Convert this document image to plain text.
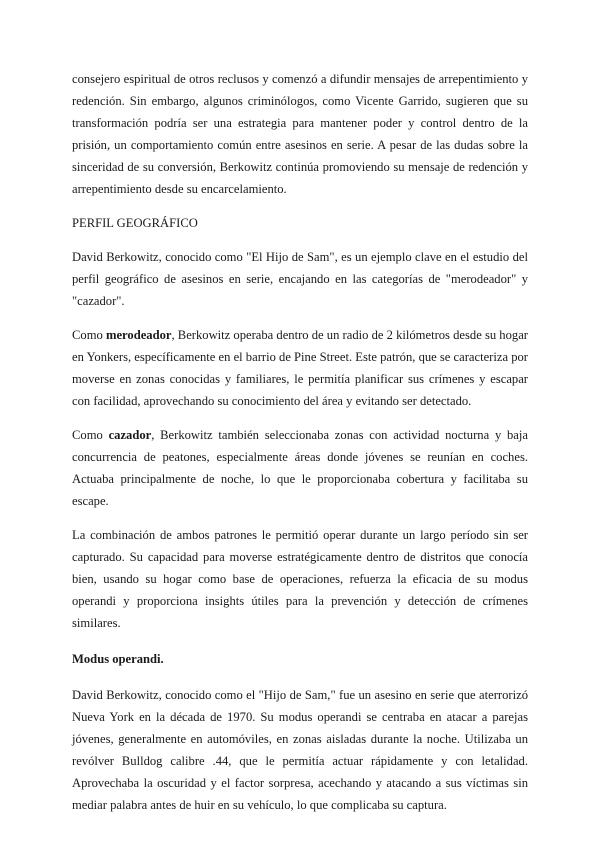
consejero espiritual de otros reclusos y comenzó a difundir mensajes de arrepentimiento y redención. Sin embargo, algunos criminólogos, como Vicente Garrido, sugieren que su transformación podría ser una estrategia para mantener poder y control dentro de la prisión, un comportamiento común entre asesinos en serie. A pesar de las dudas sobre la sinceridad de su conversión, Berkowitz continúa promoviendo su mensaje de redención y arrepentimiento desde su encarcelamiento.

PERFIL GEOGRÁFICO

David Berkowitz, conocido como "El Hijo de Sam", es un ejemplo clave en el estudio del perfil geográfico de asesinos en serie, encajando en las categorías de "merodeador" y "cazador".

Como merodeador, Berkowitz operaba dentro de un radio de 2 kilómetros desde su hogar en Yonkers, específicamente en el barrio de Pine Street. Este patrón, que se caracteriza por moverse en zonas conocidas y familiares, le permitía planificar sus crímenes y escapar con facilidad, aprovechando su conocimiento del área y evitando ser detectado.

Como cazador, Berkowitz también seleccionaba zonas con actividad nocturna y baja concurrencia de peatones, especialmente áreas donde jóvenes se reunían en coches. Actuaba principalmente de noche, lo que le proporcionaba cobertura y facilitaba su escape.

La combinación de ambos patrones le permitió operar durante un largo período sin ser capturado. Su capacidad para moverse estratégicamente dentro de distritos que conocía bien, usando su hogar como base de operaciones, refuerza la eficacia de su modus operandi y proporciona insights útiles para la prevención y detección de crímenes similares.

Modus operandi.

David Berkowitz, conocido como el "Hijo de Sam," fue un asesino en serie que aterrorizó Nueva York en la década de 1970. Su modus operandi se centraba en atacar a parejas jóvenes, generalmente en automóviles, en zonas aisladas durante la noche. Utilizaba un revólver Bulldog calibre .44, que le permitía actuar rápidamente y con letalidad. Aprovechaba la oscuridad y el factor sorpresa, acechando y atacando a sus víctimas sin mediar palabra antes de huir en su vehículo, lo que complicaba su captura.
